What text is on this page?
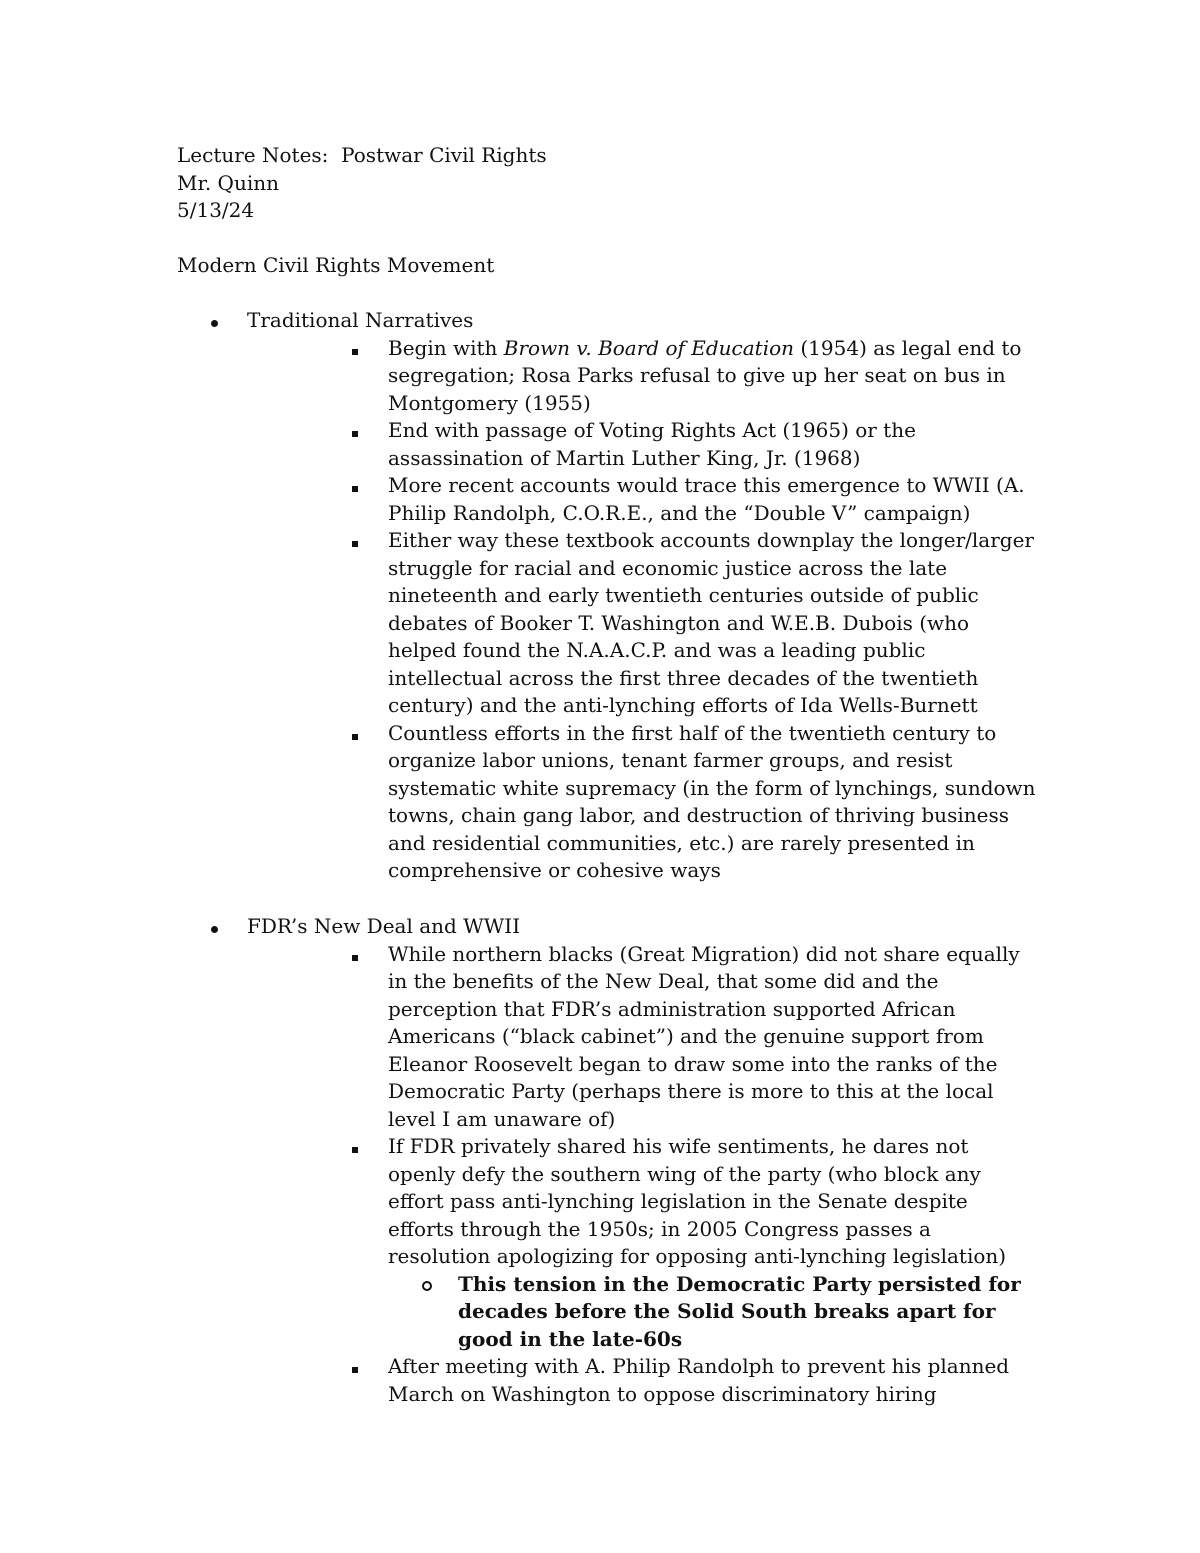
Lecture Notes:  Postwar Civil Rights
Mr. Quinn
5/13/24
Modern Civil Rights Movement
Traditional Narratives
Begin with Brown v. Board of Education (1954) as legal end to segregation; Rosa Parks refusal to give up her seat on bus in Montgomery (1955)
End with passage of Voting Rights Act (1965) or the assassination of Martin Luther King, Jr. (1968)
More recent accounts would trace this emergence to WWII (A. Philip Randolph, C.O.R.E., and the “Double V” campaign)
Either way these textbook accounts downplay the longer/larger struggle for racial and economic justice across the late nineteenth and early twentieth centuries outside of public debates of Booker T. Washington and W.E.B. Dubois (who helped found the N.A.A.C.P. and was a leading public intellectual across the first three decades of the twentieth century) and the anti-lynching efforts of Ida Wells-Burnett
Countless efforts in the first half of the twentieth century to organize labor unions, tenant farmer groups, and resist systematic white supremacy (in the form of lynchings, sundown towns, chain gang labor, and destruction of thriving business and residential communities, etc.) are rarely presented in comprehensive or cohesive ways
FDR’s New Deal and WWII
While northern blacks (Great Migration) did not share equally in the benefits of the New Deal, that some did and the perception that FDR’s administration supported African Americans (“black cabinet”) and the genuine support from Eleanor Roosevelt began to draw some into the ranks of the Democratic Party (perhaps there is more to this at the local level I am unaware of)
If FDR privately shared his wife sentiments, he dares not openly defy the southern wing of the party (who block any effort pass anti-lynching legislation in the Senate despite efforts through the 1950s; in 2005 Congress passes a resolution apologizing for opposing anti-lynching legislation)
This tension in the Democratic Party persisted for decades before the Solid South breaks apart for good in the late-60s
After meeting with A. Philip Randolph to prevent his planned March on Washington to oppose discriminatory hiring
